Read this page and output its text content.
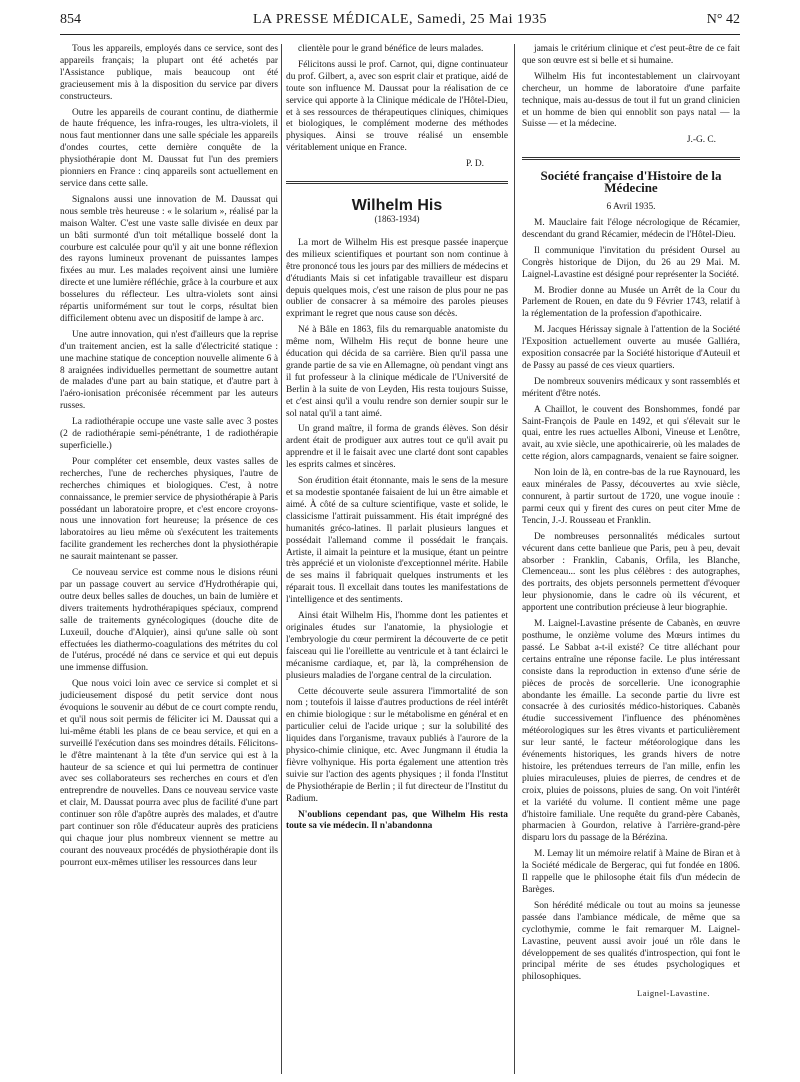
854	LA PRESSE MÉDICALE, Samedi, 25 Mai 1935	N° 42

Tous les appareils, employés dans ce service, sont des appareils français; la plupart ont été achetés par l'Assistance publique, mais beaucoup ont été gracieusement mis à la disposition du service par divers constructeurs.

Outre les appareils de courant continu, de diathermie de haute fréquence, les infra-rouges, les ultra-violets, il nous faut mentionner dans une salle spéciale les appareils d'ondes courtes, cette dernière conquête de la physiothérapie dont M. Daussat fut l'un des premiers pionniers en France : cinq appareils sont actuellement en service dans cette salle.

Signalons aussi une innovation de M. Daussat qui nous semble très heureuse : « le solarium », réalisé par la maison Walter. C'est une vaste salle divisée en deux par un bâti surmonté d'un toit métallique bosselé dont la courbure est calculée pour qu'il y ait une bonne réflexion des rayons lumineux provenant de puissantes lampes fixées au mur. Les malades reçoivent ainsi une lumière directe et une lumière réfléchie, grâce à la courbure et aux bosselures du réflecteur. Les ultra-violets sont ainsi répartis uniformément sur tout le corps, résultat bien difficilement obtenu avec un dispositif de lampe à arc.

Une autre innovation, qui n'est d'ailleurs que la reprise d'un traitement ancien, est la salle d'électricité statique : une machine statique de conception nouvelle alimente 6 à 8 araignées individuelles permettant de soumettre autant de malades d'une part au bain statique, et d'autre part à l'aéro-ionisation préconisée récemment par les auteurs russes.

La radiothérapie occupe une vaste salle avec 3 postes (2 de radiothérapie semi-pénétrante, 1 de radiothérapie superficielle.)

Pour compléter cet ensemble, deux vastes salles de recherches, l'une de recherches physiques, l'autre de recherches chimiques et biologiques. C'est, à notre connaissance, le premier service de physiothérapie à Paris possédant un laboratoire propre, et c'est encore croyons-nous une innovation fort heureuse; la présence de ces laboratoires au lieu même où s'exécutent les traitements facilite grandement les recherches dont la physiothérapie ne saurait maintenant se passer.

Ce nouveau service est comme nous le disions réuni par un passage couvert au service d'Hydrothérapie qui, outre deux belles salles de douches, un bain de lumière et divers traitements hydrothérapiques spéciaux, comprend salle de traitements gynécologiques (douche dite de Luxeuil, douche d'Alquier), ainsi qu'une salle où sont effectuées les diathermo-coagulations des métrites du col de l'utérus, procédé né dans ce service et qui eut depuis une immense diffusion.

Que nous voici loin avec ce service si complet et si judicieusement disposé du petit service dont nous évoquions le souvenir au début de ce court compte rendu, et qu'il nous soit permis de féliciter ici M. Daussat qui a lui-même établi les plans de ce beau service, et qui en a surveillé l'exécution dans ses moindres détails. Félicitons-le d'être maintenant à la tête d'un service qui est à la hauteur de sa science et qui lui permettra de continuer avec ses collaborateurs ses recherches en cours et d'en entreprendre de nouvelles. Dans ce nouveau service vaste et clair, M. Daussat pourra avec plus de facilité d'une part continuer son rôle d'apôtre auprès des malades, et d'autre part continuer son rôle d'éducateur auprès des praticiens qui chaque jour plus nombreux viennent se mettre au courant des nouveaux procédés de physiothérapie dont ils pourront eux-mêmes utiliser les ressources dans leur

clientèle pour le grand bénéfice de leurs malades.

Félicitons aussi le prof. Carnot, qui, digne continuateur du prof. Gilbert, a, avec son esprit clair et pratique, aidé de toute son influence M. Daussat pour la réalisation de ce service qui apporte à la Clinique médicale de l'Hôtel-Dieu, et à ses ressources de thérapeutiques cliniques, chimiques et biologiques, le complément moderne des méthodes physiques. Ainsi se trouve réalisé un ensemble véritablement unique en France.

P. D.
Wilhelm His
(1863-1934)

La mort de Wilhelm His est presque passée inaperçue des milieux scientifiques et pourtant son nom continue à être prononcé tous les jours par des milliers de médecins et d'étudiants Mais si cet infatigable travailleur est disparu depuis quelques mois, c'est une raison de plus pour ne pas oublier de consacrer à sa mémoire des paroles pieuses exprimant le regret que nous cause son décès.

Né à Bâle en 1863, fils du remarquable anatomiste du même nom, Wilhelm His reçut de bonne heure une éducation qui décida de sa carrière. Bien qu'il passa une grande partie de sa vie en Allemagne, où pendant vingt ans il fut professeur à la clinique médicale de l'Université de Berlin à la suite de von Leyden, His resta toujours Suisse, et c'est ainsi qu'il a voulu rendre son dernier soupir sur le sol natal qu'il a tant aimé.

Un grand maître, il forma de grands élèves. Son désir ardent était de prodiguer aux autres tout ce qu'il avait pu apprendre et il le faisait avec une clarté dont sont capables les esprits calmes et sincères.

Son érudition était étonnante, mais le sens de la mesure et sa modestie spontanée faisaient de lui un être aimable et aimé. À côté de sa culture scientifique, vaste et solide, le classicisme l'attirait puissamment. His était imprégné des humanités gréco-latines. Il parlait plusieurs langues et possédait l'allemand comme il possédait le français. Artiste, il aimait la peinture et la musique, étant un peintre très apprécié et un violoniste d'exceptionnel mérite. Habile de ses mains il fabriquait quelques instruments et les réparait tous. Il excellait dans toutes les manifestations de l'intelligence et des sentiments.

Ainsi était Wilhelm His, l'homme dont les patientes et originales études sur l'anatomie, la physiologie et l'embryologie du cœur permirent la découverte de ce petit faisceau qui lie l'oreillette au ventricule et à tant éclairci le mécanisme cardiaque, et, par là, la compréhension de plusieurs maladies de l'organe central de la circulation.

Cette découverte seule assurera l'immortalité de son nom ; toutefois il laisse d'autres productions de réel intérêt en chimie biologique : sur le métabolisme en général et en particulier celui de l'acide urique ; sur la solubilité des liquides dans l'organisme, travaux publiés à l'aurore de la physico-chimie clinique, etc. Avec Jungmann il étudia la fièvre volhynique. His porta également une attention très suivie sur l'action des agents physiques ; il fonda l'Institut de Physiothérapie de Berlin ; il fut directeur de l'Institut du Radium.

N'oublions cependant pas, que Wilhelm His resta toute sa vie médecin. Il n'abandonna

jamais le critérium clinique et c'est peut-être de ce fait que son œuvre est si belle et si humaine.

Wilhelm His fut incontestablement un clairvoyant chercheur, un homme de laboratoire d'une parfaite technique, mais au-dessus de tout il fut un grand clinicien et un homme de bien qui ennoblit son pays natal — la Suisse — et la médecine.

J.-G. C.
Société française d'Histoire de la Médecine
6 Avril 1935.

M. Mauclaire fait l'éloge nécrologique de Récamier, descendant du grand Récamier, médecin de l'Hôtel-Dieu.

Il communique l'invitation du président Oursel au Congrès historique de Dijon, du 26 au 29 Mai. M. Laignel-Lavastine est désigné pour représenter la Société.

M. Brodier donne au Musée un Arrêt de la Cour du Parlement de Rouen, en date du 9 Février 1743, relatif à la réglementation de la profession d'apothicaire.

M. Jacques Hérissay signale à l'attention de la Société l'Exposition actuellement ouverte au musée Galliéra, exposition consacrée par la Société historique d'Auteuil et de Passy au passé de ces vieux quartiers.

De nombreux souvenirs médicaux y sont rassemblés et méritent d'être notés.

A Chaillot, le couvent des Bonshommes, fondé par Saint-François de Paule en 1492, et qui s'élevait sur le quai, entre les rues actuelles Alboni, Vineuse et Lenôtre, avait, au xvie siècle, une apothicairerie, où les malades de cette région, alors campagnards, venaient se faire soigner.

Non loin de là, en contre-bas de la rue Raynouard, les eaux minérales de Passy, découvertes au xvie siècle, connurent, à partir surtout de 1720, une vogue inouïe : parmi ceux qui y firent des cures on peut citer Mme de Tencin, J.-J. Rousseau et Franklin.

De nombreuses personnalités médicales surtout vécurent dans cette banlieue que Paris, peu à peu, devait absorber : Franklin, Cabanis, Orfila, les Blanche, Clemenceau... sont les plus célèbres : des autographes, des portraits, des objets personnels permettent d'évoquer leur physionomie, dans le cadre où ils vécurent, et apportent une contribution précieuse à leur biographie.

M. Laignel-Lavastine présente de Cabanès, en œuvre posthume, le onzième volume des Mœurs intimes du passé. Le Sabbat a-t-il existé? Ce titre alléchant pour certains entraîne une réponse facile. Le plus intéressant consiste dans la reproduction in extenso d'une série de pièces de procès de sorcellerie. Une iconographie abondante les émaille. La seconde partie du livre est consacrée à des curiosités médico-historiques. Cabanès étudie successivement l'influence des phénomènes météorologiques sur les êtres vivants et particulièrement sur leur santé, le facteur météorologique dans les événements historiques, les grands hivers de notre histoire, les prétendues terreurs de l'an mille, enfin les pluies miraculeuses, pluies de pierres, de cendres et de croix, pluies de poissons, pluies de sang. On voit l'intérêt et la variété du volume. Il contient même une page d'histoire familiale. Une requête du grand-père Cabanès, pharmacien à Gourdon, relative à l'arrière-grand-père disparu lors du passage de la Bérézina.

M. Lemay lit un mémoire relatif à Maine de Biran et à la Société médicale de Bergerac, qui fut fondée en 1806. Il rappelle que le philosophe était fils d'un médecin de Barèges.

Son hérédité médicale ou tout au moins sa jeunesse passée dans l'ambiance médicale, de même que sa cyclothymie, comme le fait remarquer M. Laignel-Lavastine, peuvent aussi avoir joué un rôle dans le développement de ses qualités d'introspection, qui font le principal mérite de ses études psychologiques et philosophiques.

Laignel-Lavastine.
